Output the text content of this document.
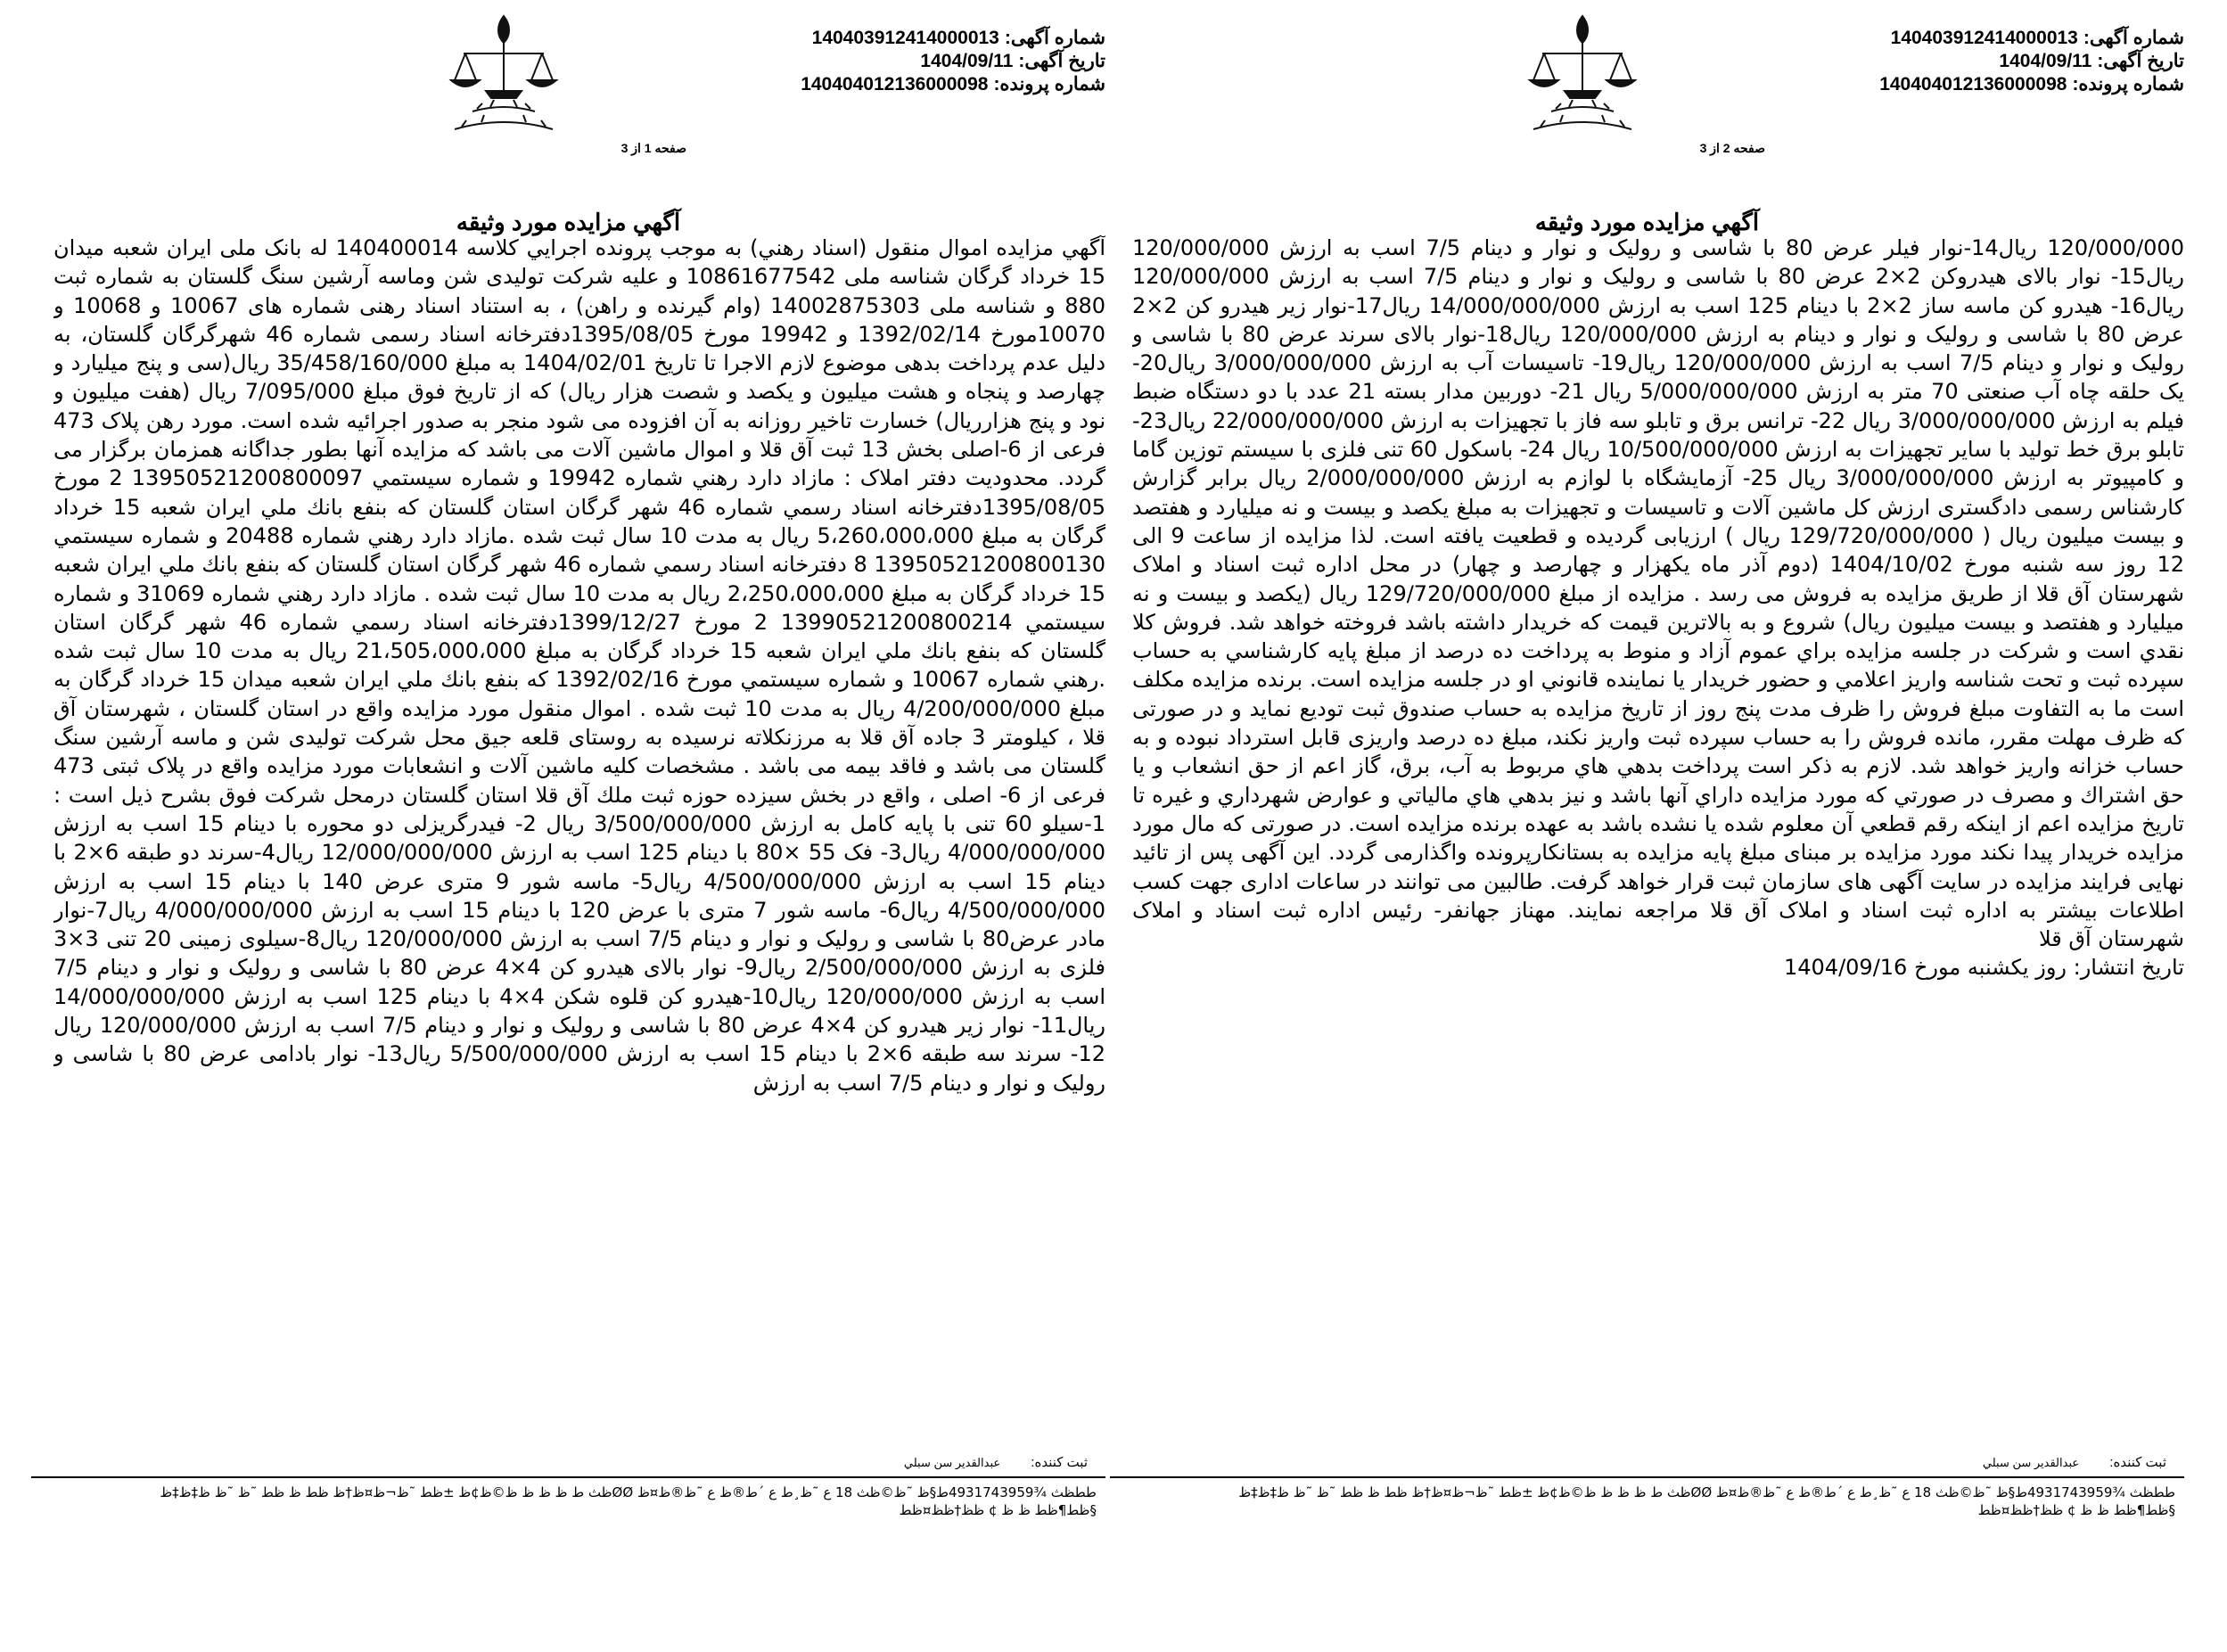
شماره آگهی:140403912414000013
تاریخ آگهی:1404/09/11
شماره پرونده:140404012136000098
صفحه 1 از 3
آگهي مزايده مورد وثيقه

آگهي مزايده اموال منقول (اسناد رهني) به موجب پرونده اجرايي كلاسه 140400014 له بانک ملی ايران شعبه ميدان 15 خرداد گرگان شناسه ملی 10861677542 و علیه شركت توليدی شن وماسه آرشين سنگ گلستان به شماره ثبت 880 و شناسه ملی 14002875303 (وام گیرنده و راهن) ، به استناد اسناد رهنی شماره های 10067 و 10068 و 10070مورخ 1392/02/14 و 19942 مورخ 1395/08/05دفترخانه اسناد رسمی شماره 46 شهرگرگان گلستان، به دلیل عدم پرداخت بدهی موضوع لازم الاجرا تا تاریخ 1404/02/01 به مبلغ 35/458/160/000 ریال(سی و پنج میلیارد و چهارصد و پنجاه و هشت میلیون و یکصد و شصت هزار ریال) که از تاریخ فوق مبلغ 7/095/000 ریال (هفت میلیون و نود و پنج هزارریال) خسارت تاخیر روزانه به آن افزوده می شود منجر به صدور اجرائیه شده است. مورد رهن پلاک 473 فرعی از 6-اصلی بخش 13 ثبت آق قلا و اموال ماشین آلات می باشد که مزایده آنها بطور جداگانه همزمان برگزار می گردد. محدوديت دفتر املاک : مازاد دارد رهني شماره 19942 و شماره سيستمي 13950521200800097 2 مورخ 1395/08/05دفترخانه اسناد رسمي شماره 46 شهر گرگان استان گلستان كه بنفع بانك ملي ايران شعبه 15 خرداد گرگان به مبلغ 5،260،000،000 ريال به مدت 10 سال ثبت شده .مازاد دارد رهني شماره 20488 و شماره سيستمي 13950521200800130 8 دفترخانه اسناد رسمي شماره 46 شهر گرگان استان گلستان كه بنفع بانك ملي ايران شعبه 15 خرداد گرگان به مبلغ 2،250،000،000 ريال به مدت 10 سال ثبت شده . مازاد دارد رهني شماره 31069 و شماره سيستمي 13990521200800214 2 مورخ 1399/12/27دفترخانه اسناد رسمي شماره 46 شهر گرگان استان گلستان كه بنفع بانك ملي ايران شعبه 15 خرداد گرگان به مبلغ 21،505،000،000 ريال به مدت 10 سال ثبت شده .رهني شماره 10067 و شماره سيستمي مورخ 1392/02/16 كه بنفع بانك ملي ايران شعبه ميدان 15 خرداد گرگان به مبلغ 4/200/000/000 ريال به مدت 10 ثبت شده . اموال منقول مورد مزایده واقع در استان گلستان ، شهرستان آق قلا ، کیلومتر 3 جاده آق قلا به مرزنکلاته نرسیده به روستای قلعه جیق محل شرکت تولیدی شن و ماسه آرشین سنگ گلستان می باشد و فاقد بیمه می باشد . مشخصات کلیه ماشین آلات و انشعابات مورد مزایده واقع در پلاک ثبتی 473 فرعی از 6- اصلی ، واقع در بخش سیزده حوزه ثبت ملك آق قلا استان گلستان درمحل شرکت فوق بشرح ذیل است : 1-سیلو 60 تنی با پایه کامل به ارزش 3/500/000/000 ریال 2- فیدرگریزلی دو محوره با دینام 15 اسب به ارزش 4/000/000/000 ریال3- فک 55 ×80 با دینام 125 اسب به ارزش 12/000/000/000 ریال4-سرند دو طبقه 6×2 با دینام 15 اسب به ارزش 4/500/000/000 ریال5- ماسه شور 9 متری عرض 140 با دینام 15 اسب به ارزش 4/500/000/000 ریال6- ماسه شور 7 متری با عرض 120 با دینام 15 اسب به ارزش 4/000/000/000 ریال7-نوار مادر عرض80 با شاسی و رولیک و نوار و دینام 7/5 اسب به ارزش 120/000/000 ریال8-سیلوی زمینی 20 تنی 3×3 فلزی به ارزش 2/500/000/000 ریال9- نوار بالای هیدرو کن 4×4 عرض 80 با شاسی و رولیک و نوار و دینام 7/5 اسب به ارزش 120/000/000 ریال10-هیدرو کن قلوه شکن 4×4 با دینام 125 اسب به ارزش 14/000/000/000 ریال11- نوار زیر هیدرو کن 4×4 عرض 80 با شاسی و رولیک و نوار و دینام 7/5 اسب به ارزش 120/000/000 ریال 12- سرند سه طبقه 6×2 با دینام 15 اسب به ارزش 5/500/000/000 ریال13- نوار بادامی عرض 80 با شاسی و رولیک و نوار و دینام 7/5 اسب به ارزش

ثبت کننده: عبدالقدير سن سبلي
ططظث ¾4931743959ط§ظ ˜ظ©ظث 18 ع ˜ظ¸ط ع ´ط®ظ ع ˜ظ®ظ¤ظ ØØظث ط ظ ظ ظ ظ©ظ¢ظ ±ظط ˜ظ¬ظ¤ظ†ظ ظط ظ ظط ˜ظ ˜ظ ظ‡ظ‡ظ
§ظط¶ظط ظ ظ ¢ ظظ†ظظ¤ظط
شماره آگهی:140403912414000013
تاریخ آگهی:1404/09/11
شماره پرونده:140404012136000098
صفحه 2 از 3
آگهي مزايده مورد وثيقه

120/000/000 ريال14-نوار فيلر عرض 80 با شاسی و رولیک و نوار و دینام 7/5 اسب به ارزش 120/000/000 ريال15- نوار بالای هیدروکن 2×2 عرض 80 با شاسی و رولیک و نوار و دینام 7/5 اسب به ارزش 120/000/000 ريال16- هیدرو کن ماسه ساز 2×2 با دینام 125 اسب به ارزش 14/000/000/000 ريال17-نوار زیر هیدرو کن 2×2 عرض 80 با شاسی و رولیک و نوار و دینام به ارزش 120/000/000 ريال18-نوار بالای سرند عرض 80 با شاسی و رولیک و نوار و دینام 7/5 اسب به ارزش 120/000/000 ريال19- تاسیسات آب به ارزش 3/000/000/000 ريال20- یک حلقه چاه آب صنعتی 70 متر به ارزش 5/000/000/000 ريال 21- دوربین مدار بسته 21 عدد با دو دستگاه ضبط فیلم به ارزش 3/000/000/000 ريال 22- ترانس برق و تابلو سه فاز با تجهیزات به ارزش 22/000/000/000 ريال23- تابلو برق خط تولید با سایر تجهیزات به ارزش 10/500/000/000 ريال 24- باسکول 60 تنی فلزی با سیستم توزین گاما و کامپیوتر به ارزش 3/000/000/000 ريال 25- آزمایشگاه با لوازم به ارزش 2/000/000/000 ريال برابر گزارش کارشناس رسمی دادگستری ارزش کل ماشین آلات و تاسیسات و تجهیزات به مبلغ یکصد و بیست و نه میلیارد و هفتصد و بیست میلیون ریال ( 129/720/000/000 ریال ) ارزیابی گردیده و قطعیت یافته است. لذا مزایده از ساعت 9 الی 12 روز سه شنبه مورخ 1404/10/02 (دوم آذر ماه یکهزار و چهارصد و چهار) در محل اداره ثبت اسناد و املاک شهرستان آق قلا از طریق مزایده به فروش می رسد . مزایده از مبلغ 129/720/000/000 ریال (یکصد و بیست و نه میلیارد و هفتصد و بیست میلیون ریال) شروع و به بالاترين قيمت كه خريدار داشته باشد فروخته خواهد شد. فروش كلا نقدي است و شركت در جلسه مزايده براي عموم آزاد و منوط به پرداخت ده درصد از مبلغ پايه كارشناسي به حساب سپرده ثبت و تحت شناسه واريز اعلامي و حضور خريدار يا نماينده قانوني او در جلسه مزايده است. برنده مزايده مكلف است ما به التفاوت مبلغ فروش را ظرف مدت پنج روز از تاريخ مزايده به حساب صندوق ثبت توديع نمايد و در صورتی که ظرف مهلت مقرر، مانده فروش را به حساب سپرده ثبت واریز نکند، مبلغ ده درصد واریزی قابل استرداد نبوده و به حساب خزانه واریز خواهد شد. لازم به ذكر است پرداخت بدهي هاي مربوط به آب، برق، گاز اعم از حق انشعاب و يا حق اشتراك و مصرف در صورتي كه مورد مزايده داراي آنها باشد و نيز بدهي هاي مالياتي و عوارض شهرداري و غيره تا تاريخ مزايده اعم از اينكه رقم قطعي آن معلوم شده يا نشده باشد به عهده برنده مزايده است. در صورتی که مال مورد مزایده خریدار پیدا نکند مورد مزایده بر مبنای مبلغ پایه مزایده به بستانکارپرونده واگذارمی گردد. این آگهی پس از تائید نهایی فرایند مزایده در سایت آگهی های سازمان ثبت قرار خواهد گرفت. طالبین می توانند در ساعات اداری جهت کسب اطلاعات بیشتر به اداره ثبت اسناد و املاک آق قلا مراجعه نمایند. مهناز جهانفر- رئیس اداره ثبت اسناد و املاک شهرستان آق قلا

تاریخ انتشار: روز یکشنبه مورخ 1404/09/16

ثبت کننده: عبدالقدير سن سبلي
ططظث ¾4931743959ط§ظ ˜ظ©ظث 18 ع ˜ظ¸ط ع ´ط®ظ ع ˜ظ®ظ¤ظ ØØظث ط ظ ظ ظ ظ©ظ¢ظ ±ظط ˜ظ¬ظ¤ظ†ظ ظط ظ ظط ˜ظ ˜ظ ظ‡ظ‡ظ
§ظط¶ظط ظ ظ ¢ ظظ†ظظ¤ظط
